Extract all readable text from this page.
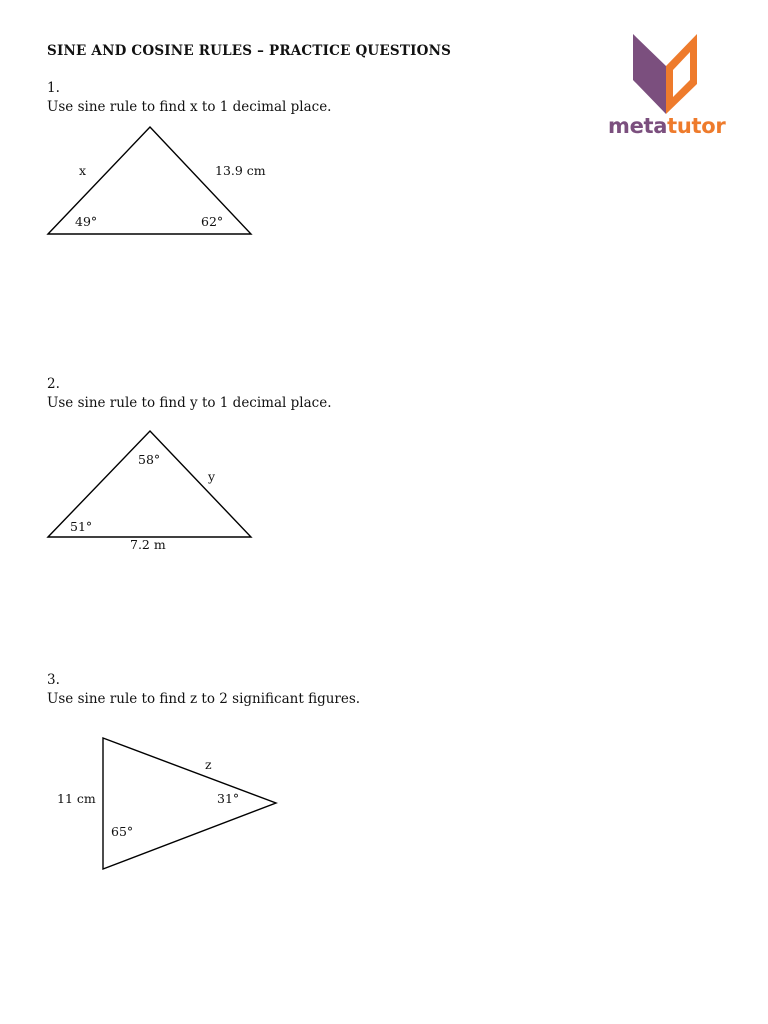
SINE AND COSINE RULES – PRACTICE QUESTIONS
metatutor
1.
Use sine rule to find x to 1 decimal place.
x	13.9 cm
49°	62°
2.
Use sine rule to find y to 1 decimal place.
58°
y
51°
7.2 m
3.
Use sine rule to find z to 2 significant figures.
z
11 cm	31°
65°
